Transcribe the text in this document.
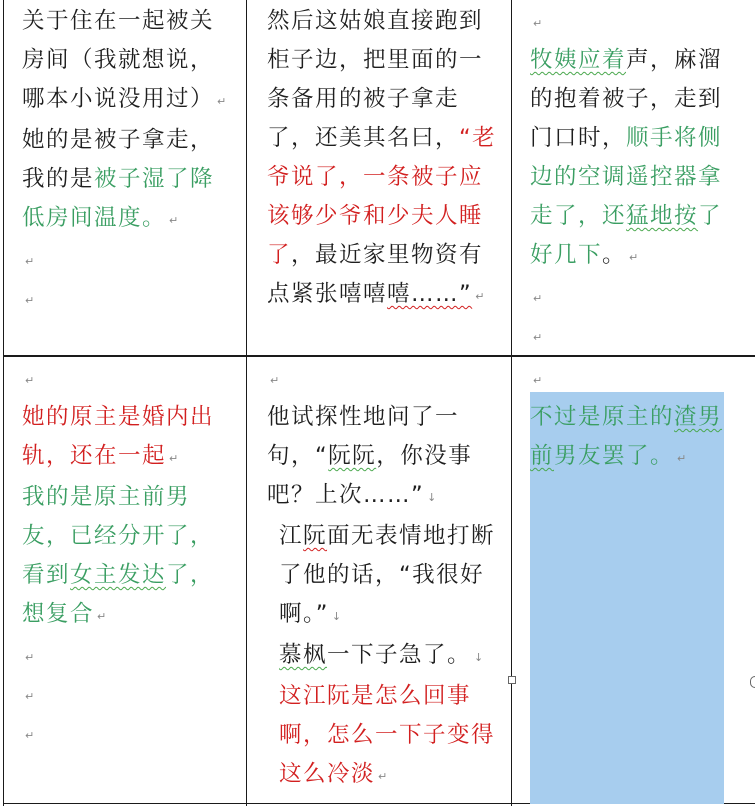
关于住在一起被关房间（我就想说，哪本小说没用过） ↵

她的是被子拿走，我的是被子湿了降低房间温度。 ↵

↵

↵

然后这姑娘直接跑到柜子边，把里面的一条备用的被子拿走了，还美其名曰，“老爷说了，一条被子应该够少爷和少夫人睡了，最近家里物资有点紧张嘻嘻嘻……” ↵

↵

牧姨应着声，麻溜的抱着被子，走到门口时，顺手将侧边的空调遥控器拿走了，还猛地按了好几下。 ↵

↵

↵

↵

她的原主是婚内出轨，还在一起 ↵

我的是原主前男友，已经分开了，看到女主发达了，想复合 ↵

↵

↵

↵

↵

他试探性地问了一句，“阮阮，你没事吧？上次……” ↓

江阮面无表情地打断了他的话，“我很好啊。” ↓

慕枫一下子急了。 ↓

这江阮是怎么回事啊，怎么一下子变得这么冷淡 ↵

↵

不过是原主的渣男前男友罢了。 ↵
